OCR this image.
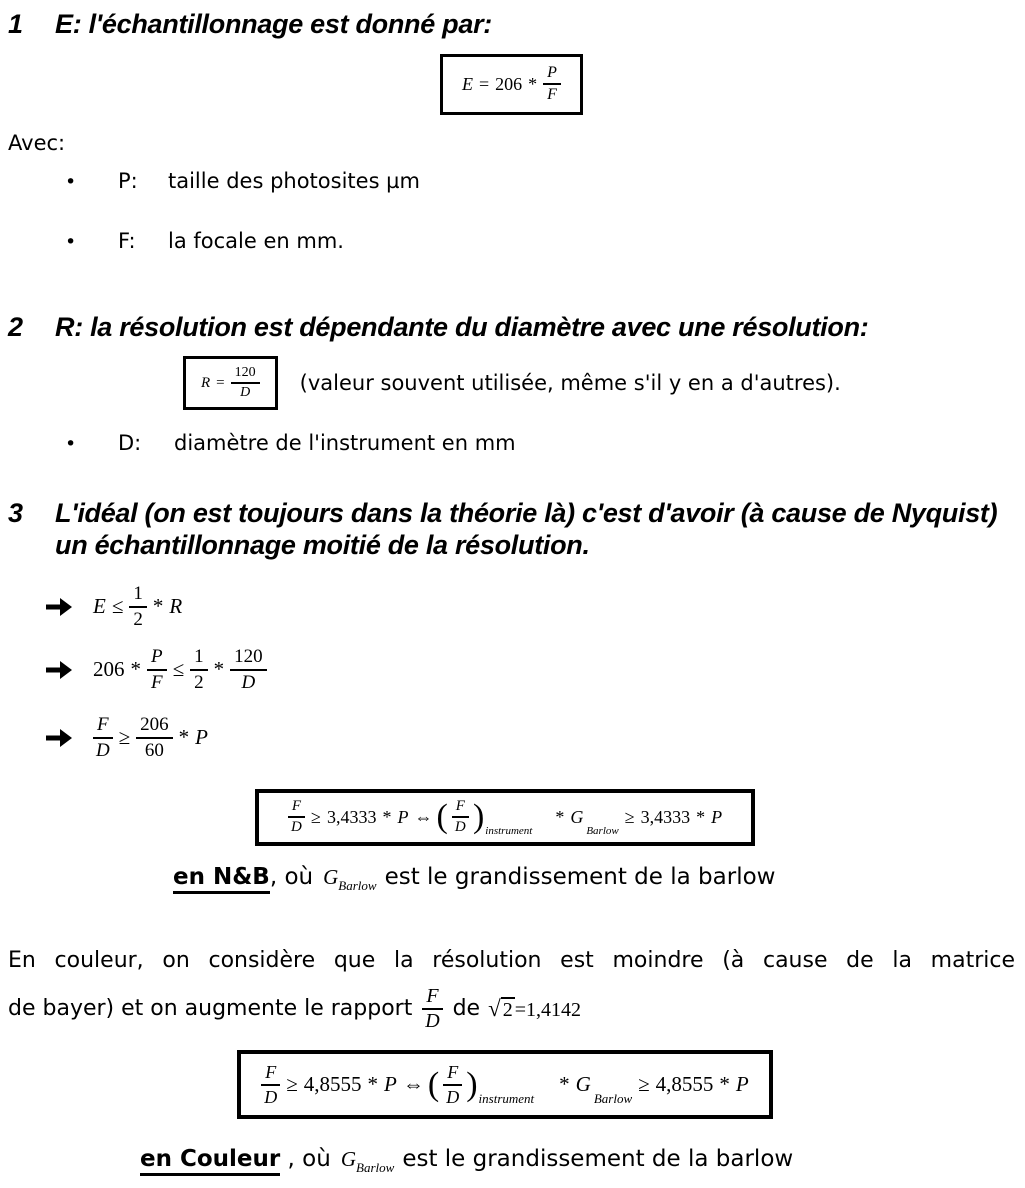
1	E: l'échantillonnage est donné par:
$E = 206 * \frac{P}{F}$
Avec:
•	P:	taille des photosites µm
•	F:	la focale en mm.
2	R: la résolution est dépendante du diamètre avec une résolution:
$R = \frac{120}{D}$ (valeur souvent utilisée, même s'il y en a d'autres).
•	D:	diamètre de l'instrument en mm
3	L'idéal (on est toujours dans la théorie là) c'est d'avoir (à cause de Nyquist) un échantillonnage moitié de la résolution.
$E \le \frac{1}{2} * R$
$206 * \frac{P}{F} \le \frac{1}{2} * \frac{120}{D}$
$\frac{F}{D} \ge \frac{206}{60} * P$
$\frac{F}{D} \ge 3,4333 * P$ ⇔ ( $\frac{F}{D}$ ) instrument
* G
Barlow
≥ 3,4333 * P
en N&B, où $G_{Barlow}$ est le grandissement de la barlow
En couleur, on considère que la résolution est moindre (à cause de la matrice
de bayer) et on augmente le rapport $\frac{F}{D}$ de √ 2 = 1,4142
$\frac{F}{D} \ge 4,8555 * P$ ⇔ ( $\frac{F}{D}$ ) instrument
* G
Barlow
≥ 4,8555 * P
en Couleur , où $G_{Barlow}$ est le grandissement de la barlow
